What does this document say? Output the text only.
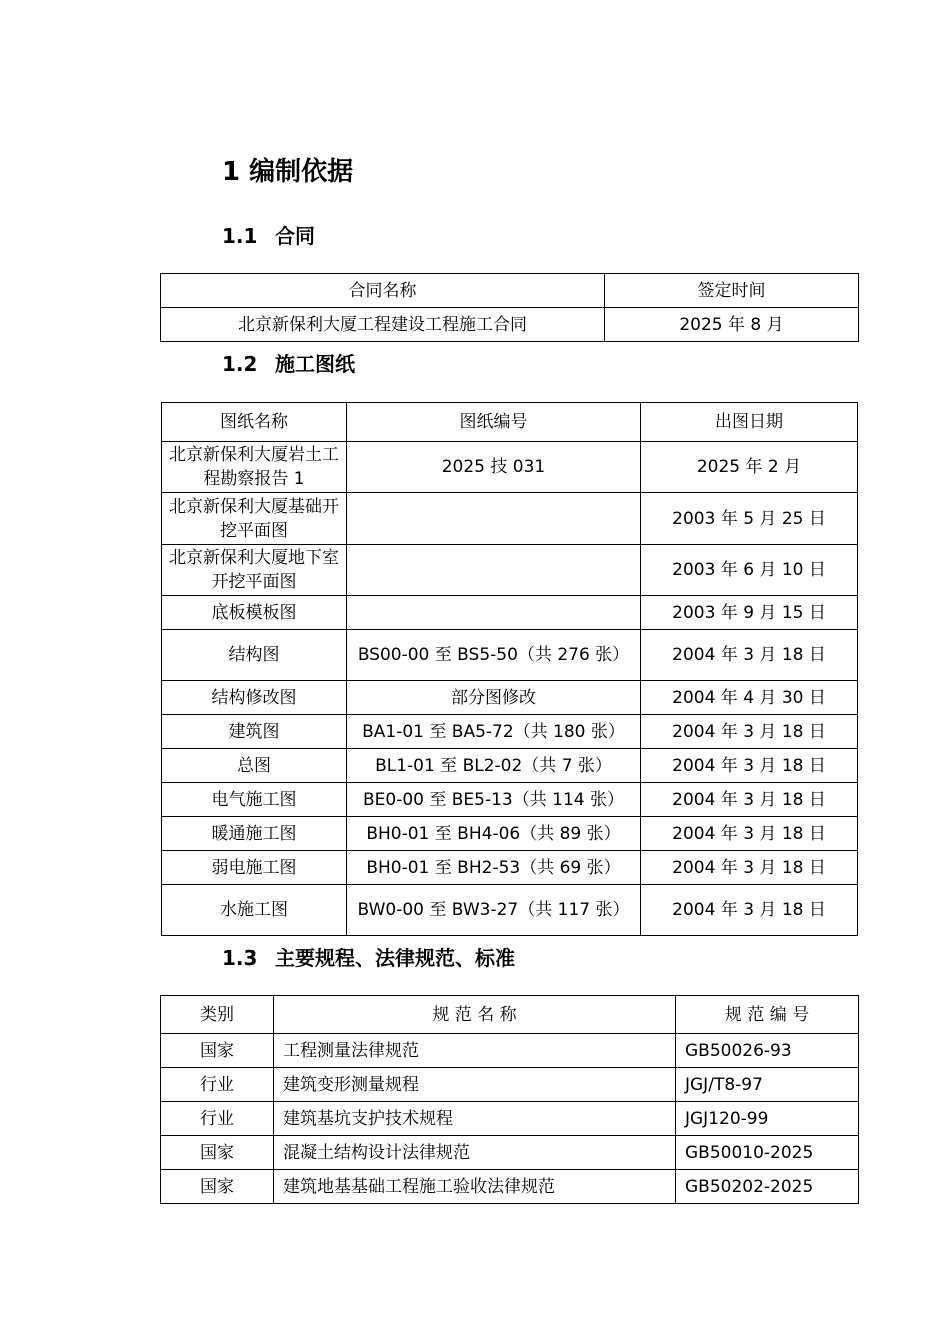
1 编制依据
1.1 合同
合同名称	签定时间
北京新保利大厦工程建设工程施工合同	2025 年 8 月
1.2 施工图纸
图纸名称	图纸编号	出图日期
北京新保利大厦岩土工程勘察报告 1	2025 技 031	2025 年 2 月
北京新保利大厦基础开挖平面图		2003 年 5 月 25 日
北京新保利大厦地下室开挖平面图		2003 年 6 月 10 日
底板模板图		2003 年 9 月 15 日
结构图	BS00-00 至 BS5-50（共 276 张）	2004 年 3 月 18 日
结构修改图	部分图修改	2004 年 4 月 30 日
建筑图	BA1-01 至 BA5-72（共 180 张）	2004 年 3 月 18 日
总图	BL1-01 至 BL2-02（共 7 张）	2004 年 3 月 18 日
电气施工图	BE0-00 至 BE5-13（共 114 张）	2004 年 3 月 18 日
暖通施工图	BH0-01 至 BH4-06（共 89 张）	2004 年 3 月 18 日
弱电施工图	BH0-01 至 BH2-53（共 69 张）	2004 年 3 月 18 日
水施工图	BW0-00 至 BW3-27（共 117 张）	2004 年 3 月 18 日
1.3 主要规程、法律规范、标准
类别	规 范 名 称	规 范 编 号
国家	工程测量法律规范	GB50026-93
行业	建筑变形测量规程	JGJ/T8-97
行业	建筑基坑支护技术规程	JGJ120-99
国家	混凝土结构设计法律规范	GB50010-2025
国家	建筑地基基础工程施工验收法律规范	GB50202-2025
